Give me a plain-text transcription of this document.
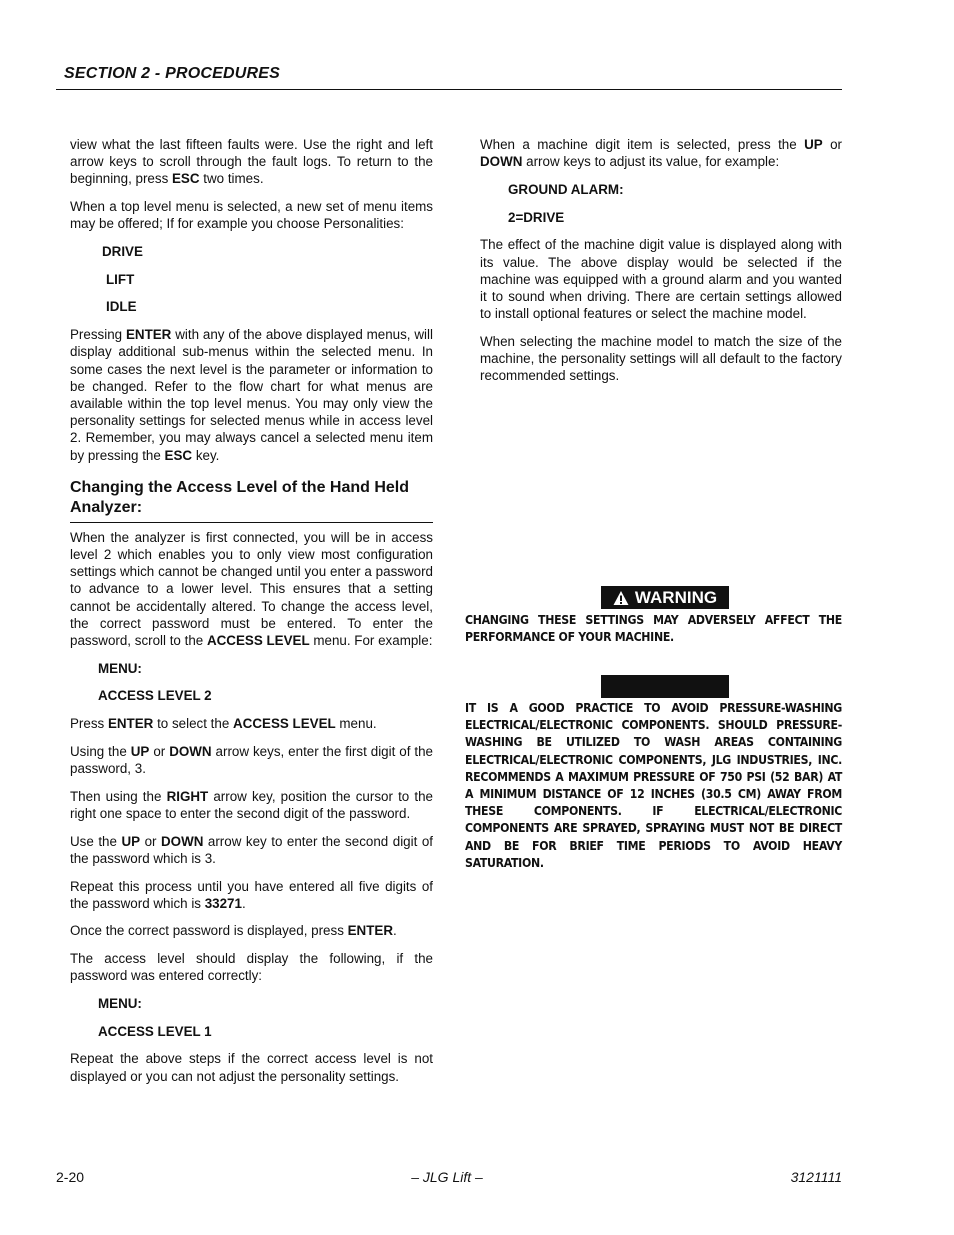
SECTION 2 - PROCEDURES

view what the last fifteen faults were. Use the right and left arrow keys to scroll through the fault logs. To return to the beginning, press ESC two times.

When a top level menu is selected, a new set of menu items may be offered; If for example you choose Personalities:

DRIVE
LIFT
IDLE

Pressing ENTER with any of the above displayed menus, will display additional sub-menus within the selected menu. In some cases the next level is the parameter or information to be changed. Refer to the flow chart for what menus are available within the top level menus. You may only view the personality settings for selected menus while in access level 2. Remember, you may always cancel a selected menu item by pressing the ESC key.

Changing the Access Level of the Hand Held Analyzer:

When the analyzer is first connected, you will be in access level 2 which enables you to only view most configuration settings which cannot be changed until you enter a password to advance to a lower level. This ensures that a setting cannot be accidentally altered. To change the access level, the correct password must be entered. To enter the password, scroll to the ACCESS LEVEL menu. For example:

MENU:
ACCESS LEVEL 2

Press ENTER to select the ACCESS LEVEL menu.

Using the UP or DOWN arrow keys, enter the first digit of the password, 3.

Then using the RIGHT arrow key, position the cursor to the right one space to enter the second digit of the password.

Use the UP or DOWN arrow key to enter the second digit of the password which is 3.

Repeat this process until you have entered all five digits of the password which is 33271.

Once the correct password is displayed, press ENTER.

The access level should display the following, if the password was entered correctly:

MENU:
ACCESS LEVEL 1

Repeat the above steps if the correct access level is not displayed or you can not adjust the personality settings.

When a machine digit item is selected, press the UP or DOWN arrow keys to adjust its value, for example:

GROUND ALARM:
2=DRIVE

The effect of the machine digit value is displayed along with its value. The above display would be selected if the machine was equipped with a ground alarm and you wanted it to sound when driving. There are certain settings allowed to install optional features or select the machine model.

When selecting the machine model to match the size of the machine, the personality settings will all default to the factory recommended settings.

WARNING
CHANGING THESE SETTINGS MAY ADVERSELY AFFECT THE PERFORMANCE OF YOUR MACHINE.
IT IS A GOOD PRACTICE TO AVOID PRESSURE-WASHING ELECTRICAL/ELECTRONIC COMPONENTS. SHOULD PRESSURE-WASHING BE UTILIZED TO WASH AREAS CONTAINING ELECTRICAL/ELECTRONIC COMPONENTS, JLG INDUSTRIES, INC. RECOMMENDS A MAXIMUM PRESSURE OF 750 PSI (52 BAR) AT A MINIMUM DISTANCE OF 12 INCHES (30.5 CM) AWAY FROM THESE COMPONENTS. IF ELECTRICAL/ELECTRONIC COMPONENTS ARE SPRAYED, SPRAYING MUST NOT BE DIRECT AND BE FOR BRIEF TIME PERIODS TO AVOID HEAVY SATURATION.
2-20	– JLG Lift –	3121111
